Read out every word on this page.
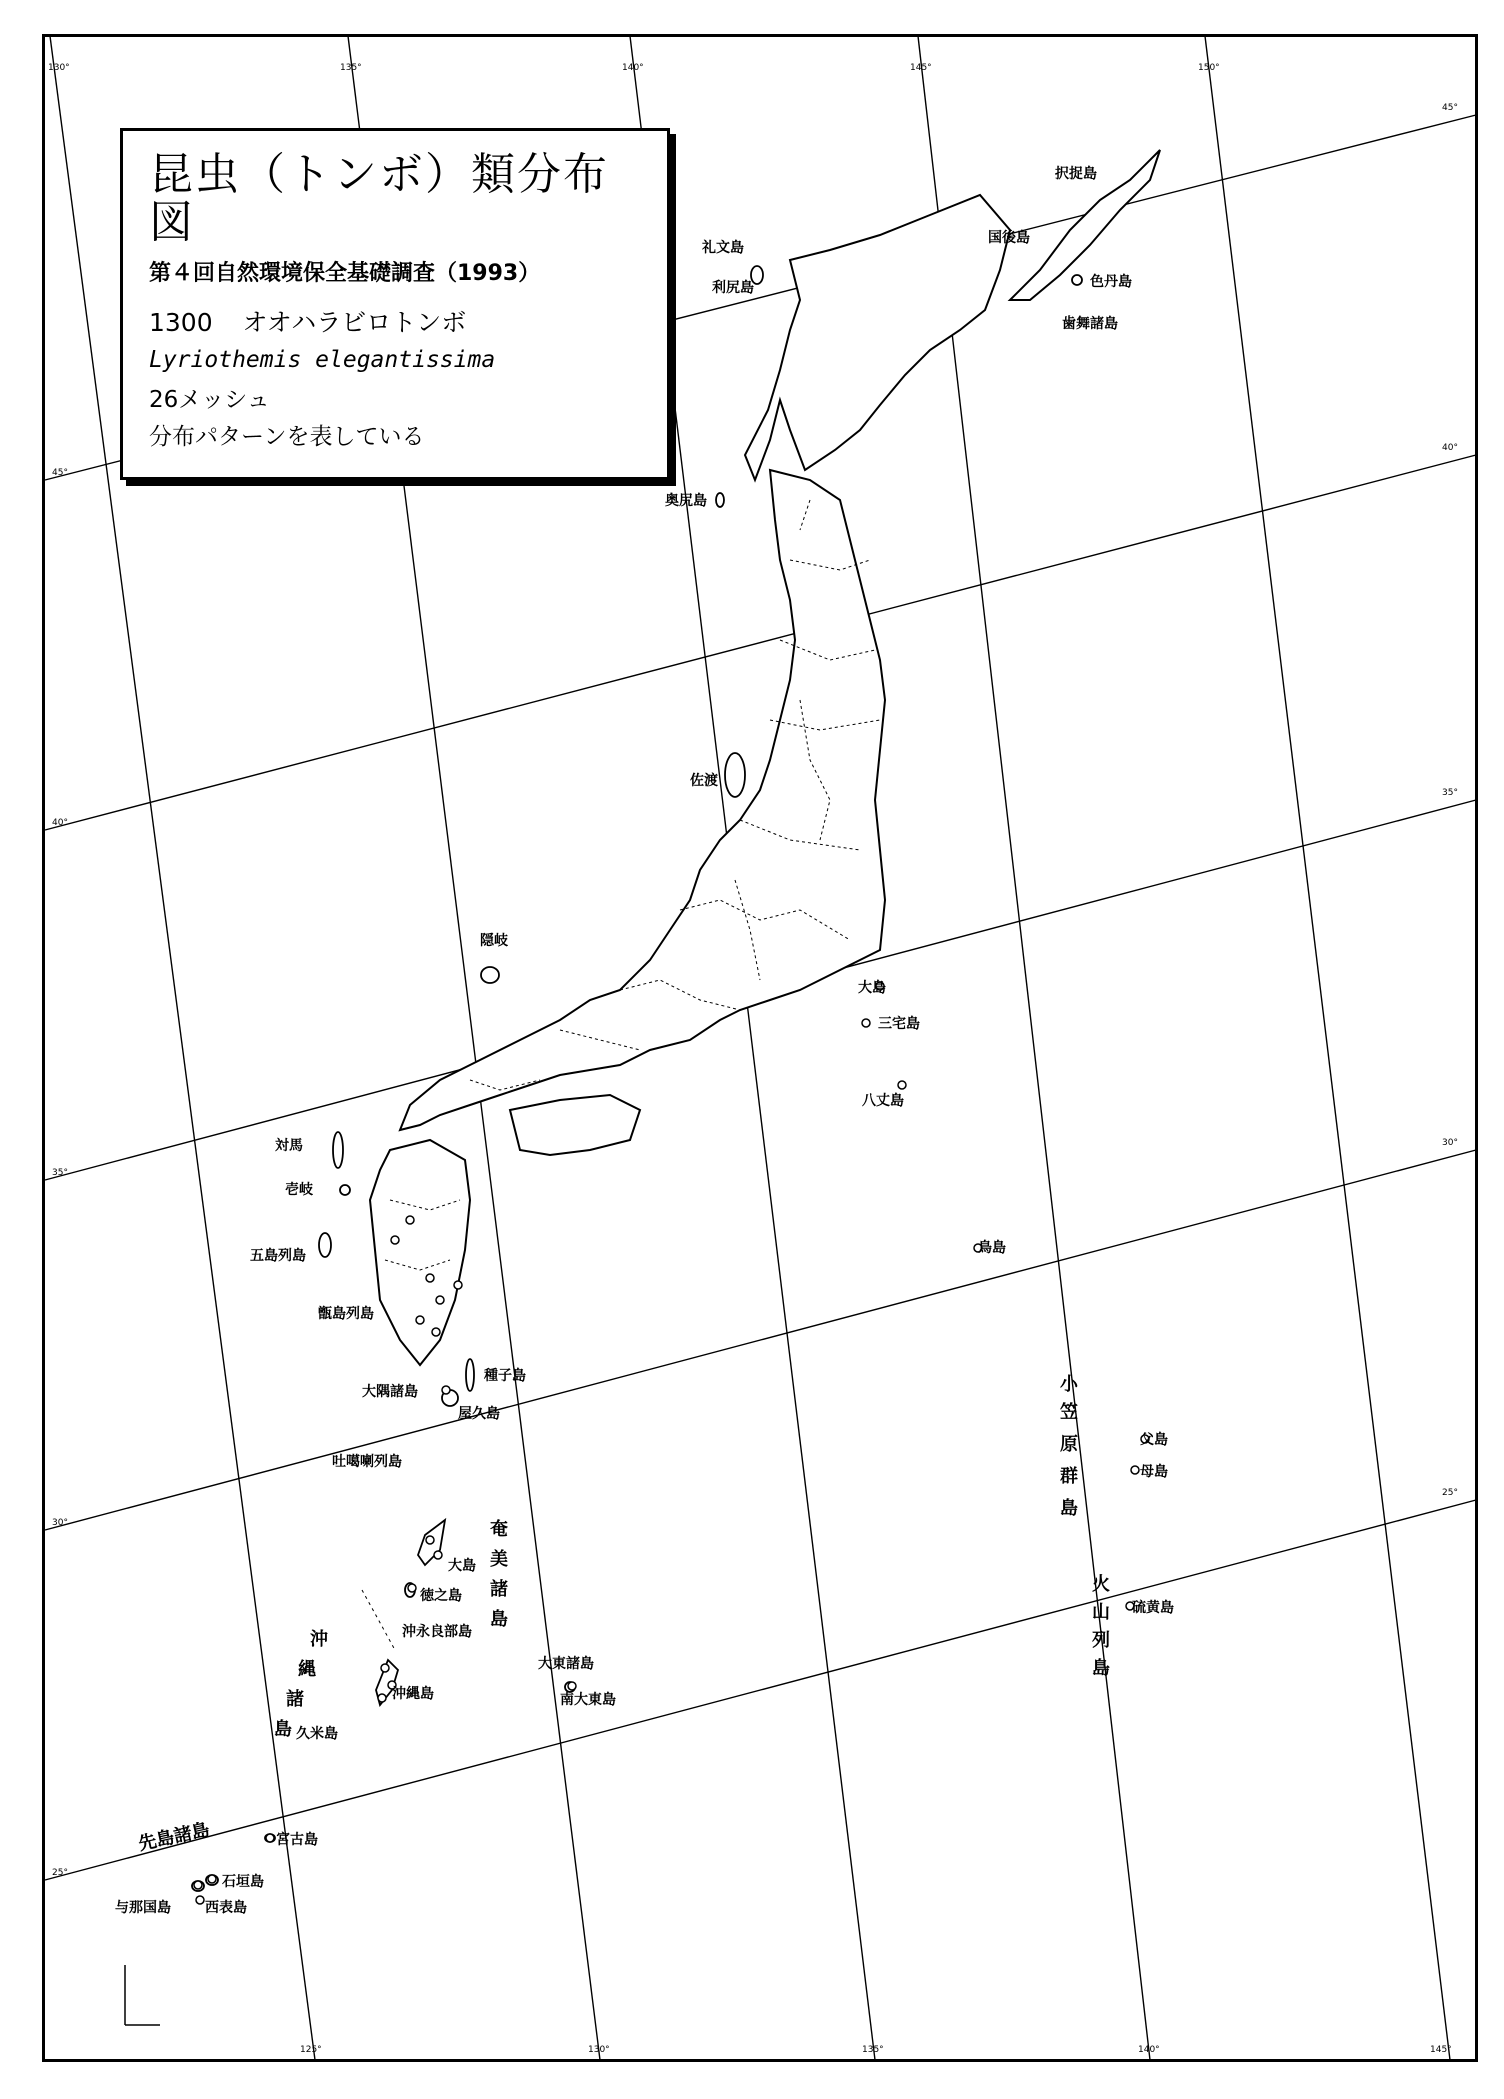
130°	135°	140°	145°	150°
125°	130°	135°	140°	145°
45°
40°
35°
30°
25°
45°
40°
35°
30°
25°
択捉島
国後島
色丹島
歯舞諸島
礼文島
利尻島
奥尻島
佐渡
隠岐
大島
三宅島
八丈島
鳥島
対馬
壱岐
五島列島
甑島列島
種子島
大隅諸島
屋久島
吐噶喇列島
大島
徳之島
沖永良部島
沖縄島
久米島
大東諸島
南大東島
父島
母島
硫黄島
宮古島
石垣島
与那国島 西表島
先島諸島
奄
美
諸
島
沖
縄
諸
島
小
笠
原
群
島
火
山
列
島
昆虫（トンボ）類分布図
第４回自然環境保全基礎調査（1993）
1300 オオハラビロトンボ
Lyriothemis elegantissima
26メッシュ
分布パターンを表している
